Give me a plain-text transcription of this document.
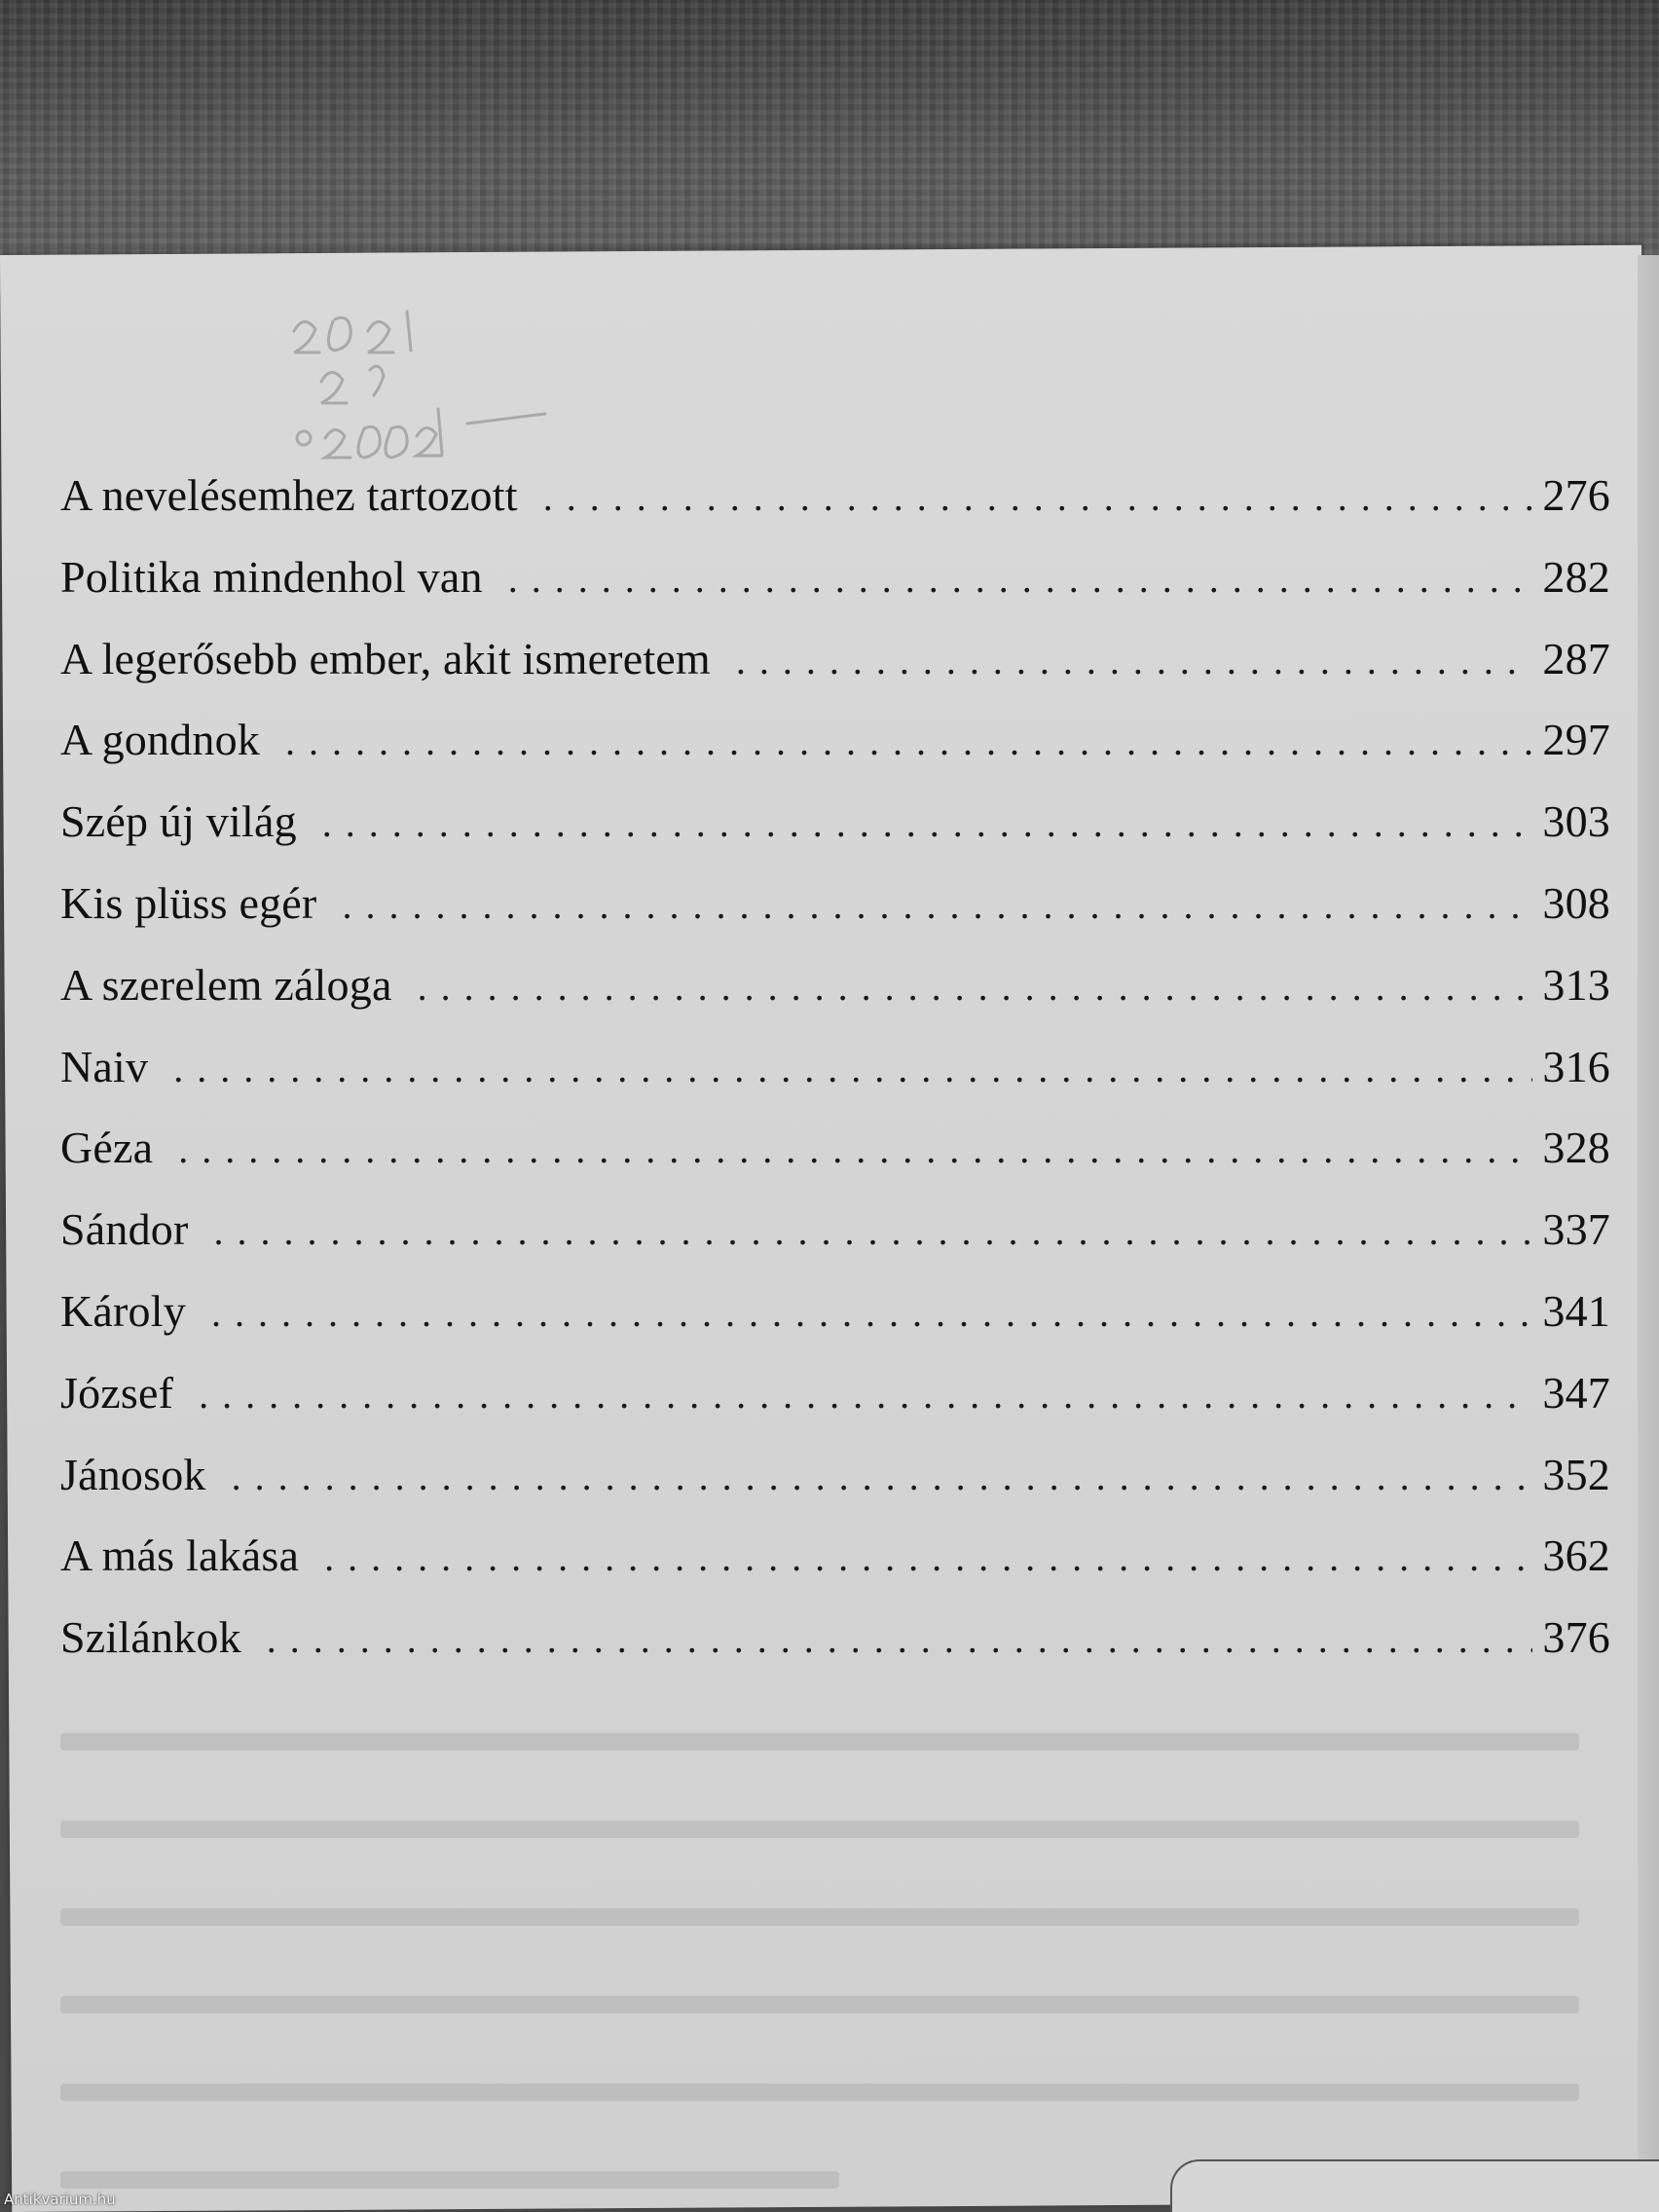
A nevelésemhez tartozott . . .	276
Politika mindenhol van . . .	282
A legerősebb ember, akit ismeretem . . .	287
A gondnok . . .	297
Szép új világ . . .	303
Kis plüss egér . . .	308
A szerelem záloga . . .	313
Naiv . . .	316
Géza . . .	328
Sándor . . .	337
Károly . . .	341
József . . .	347
Jánosok . . .	352
A más lakása . . .	362
Szilánkok . . .	376
Antikvarium.hu
